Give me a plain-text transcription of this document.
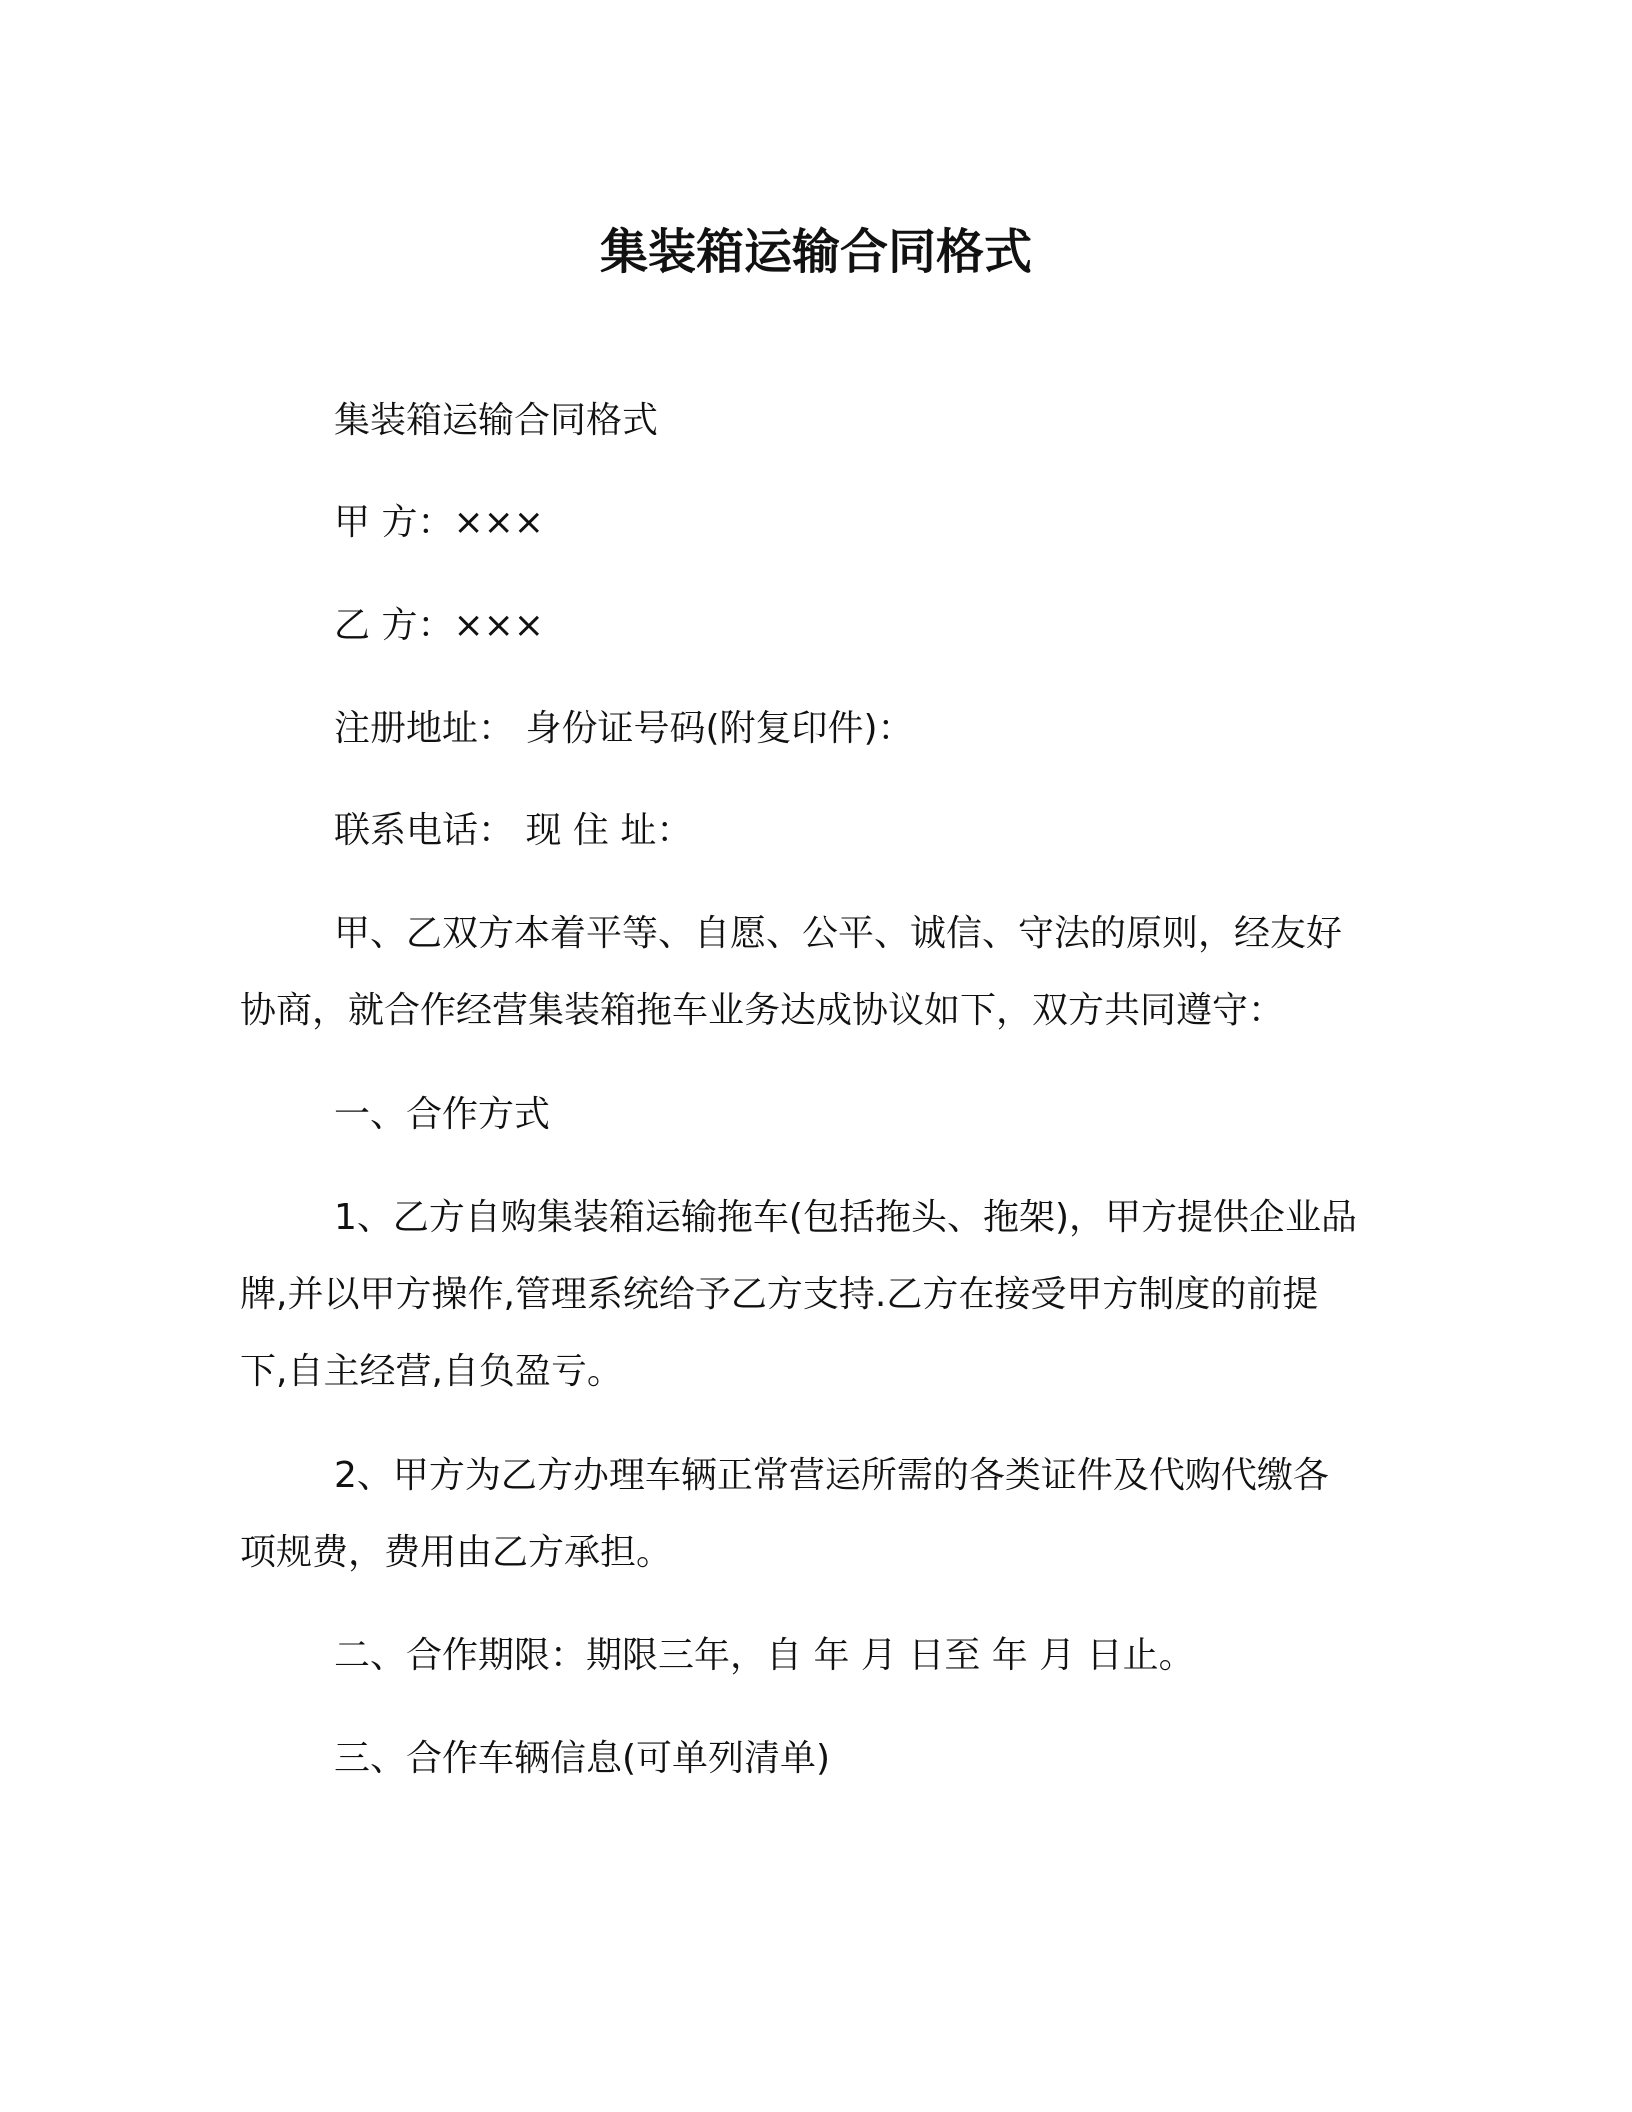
集装箱运输合同格式
集装箱运输合同格式
甲 方：×××
乙 方：×××
注册地址： 身份证号码(附复印件)：
联系电话： 现 住 址：
甲、乙双方本着平等、自愿、公平、诚信、守法的原则，经友好
协商，就合作经营集装箱拖车业务达成协议如下，双方共同遵守：
一、合作方式
1、乙方自购集装箱运输拖车(包括拖头、拖架)，甲方提供企业品
牌,并以甲方操作,管理系统给予乙方支持.乙方在接受甲方制度的前提
下,自主经营,自负盈亏。
2、甲方为乙方办理车辆正常营运所需的各类证件及代购代缴各
项规费，费用由乙方承担。
二、合作期限：期限三年，自 年 月 日至 年 月 日止。
三、合作车辆信息(可单列清单)
